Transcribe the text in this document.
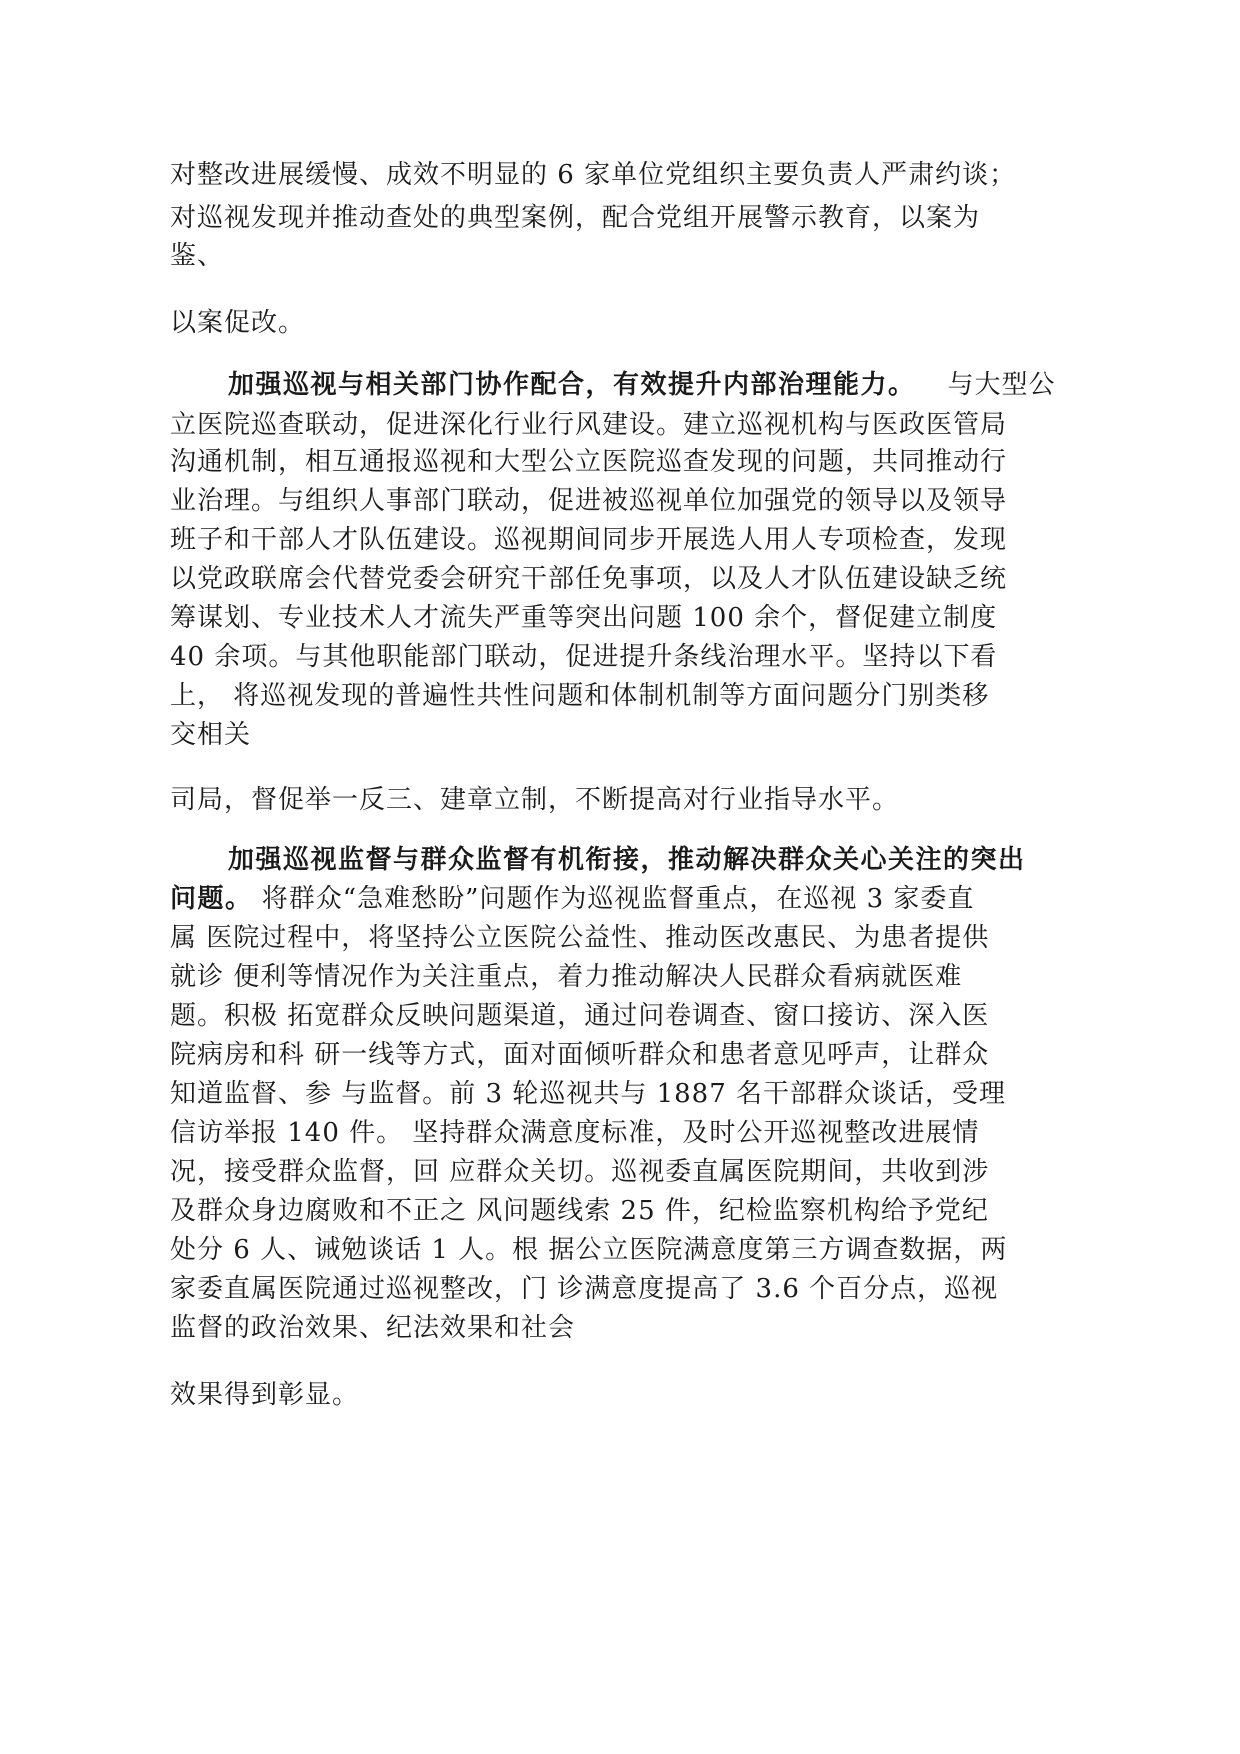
对整改进展缓慢、成效不明显的 6 家单位党组织主要负责人严肃约谈；
对巡视发现并推动查处的典型案例，配合党组开展警示教育，以案为
鉴、
以案促改。
加强巡视与相关部门协作配合，有效提升内部治理能力。 与大型公
立医院巡查联动，促进深化行业行风建设。建立巡视机构与医政医管局
沟通机制，相互通报巡视和大型公立医院巡查发现的问题，共同推动行
业治理。与组织人事部门联动，促进被巡视单位加强党的领导以及领导
班子和干部人才队伍建设。巡视期间同步开展选人用人专项检查，发现
以党政联席会代替党委会研究干部任免事项，以及人才队伍建设缺乏统
筹谋划、专业技术人才流失严重等突出问题 100 余个，督促建立制度
40 余项。与其他职能部门联动，促进提升条线治理水平。坚持以下看
上， 将巡视发现的普遍性共性问题和体制机制等方面问题分门别类移
交相关
司局，督促举一反三、建章立制，不断提高对行业指导水平。
加强巡视监督与群众监督有机衔接，推动解决群众关心关注的突出
问题。 将群众“急难愁盼”问题作为巡视监督重点，在巡视 3 家委直
属 医院过程中，将坚持公立医院公益性、推动医改惠民、为患者提供
就诊 便利等情况作为关注重点，着力推动解决人民群众看病就医难
题。积极 拓宽群众反映问题渠道，通过问卷调查、窗口接访、深入医
院病房和科 研一线等方式，面对面倾听群众和患者意见呼声，让群众
知道监督、参 与监督。前 3 轮巡视共与 1887 名干部群众谈话，受理
信访举报 140 件。 坚持群众满意度标准，及时公开巡视整改进展情
况，接受群众监督，回 应群众关切。巡视委直属医院期间，共收到涉
及群众身边腐败和不正之 风问题线索 25 件，纪检监察机构给予党纪
处分 6 人、诫勉谈话 1 人。根 据公立医院满意度第三方调查数据，两
家委直属医院通过巡视整改，门 诊满意度提高了 3.6 个百分点，巡视
监督的政治效果、纪法效果和社会
效果得到彰显。
